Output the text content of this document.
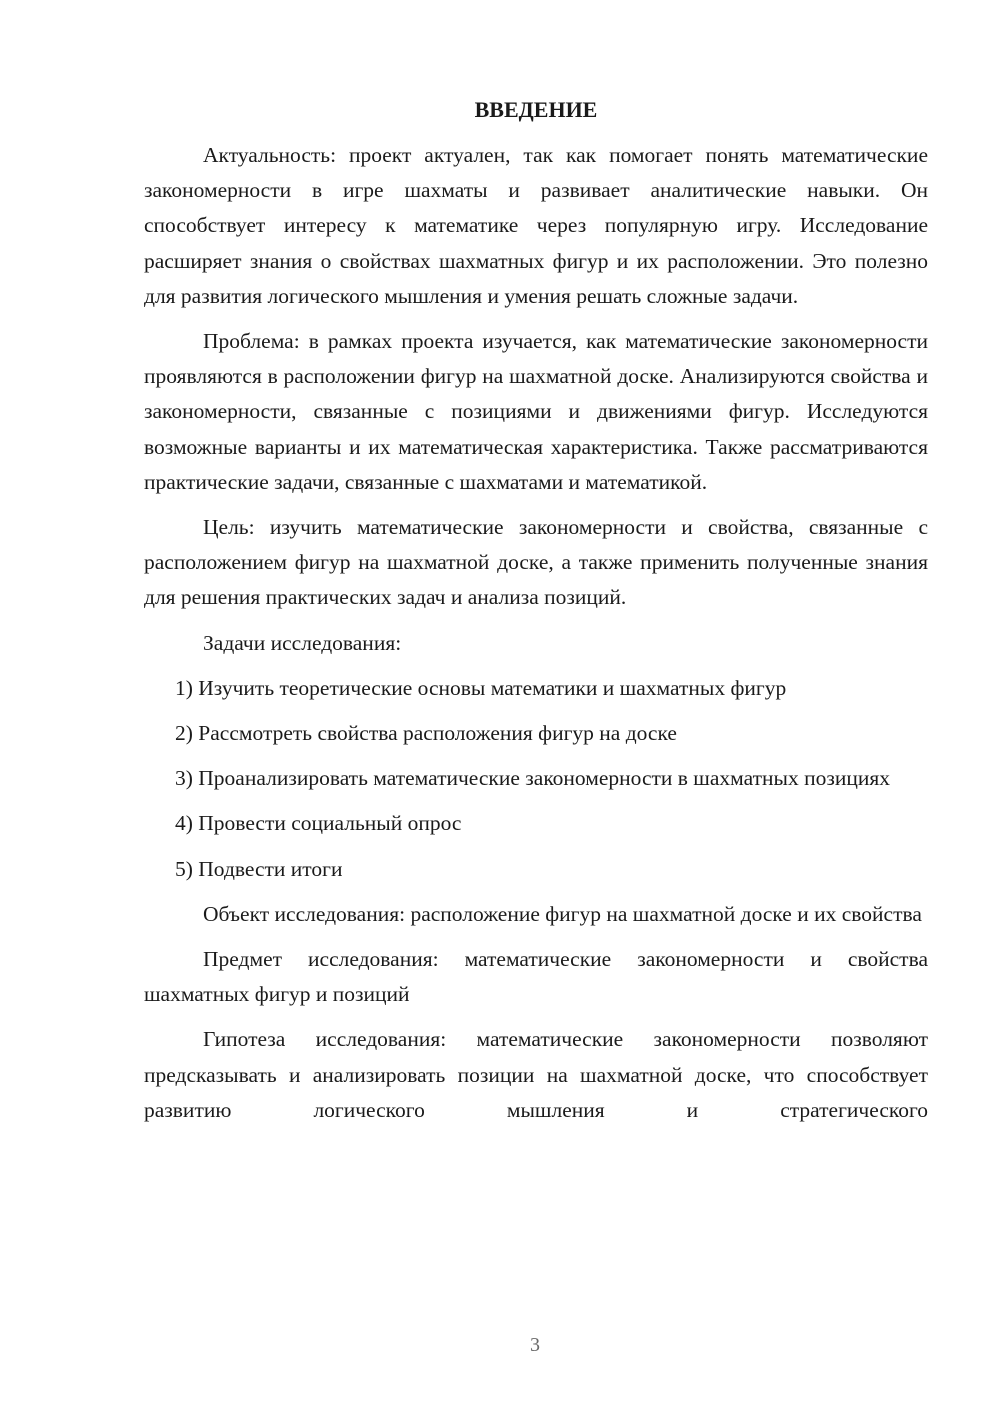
ВВЕДЕНИЕ

Актуальность: проект актуален, так как помогает понять математические закономерности в игре шахматы и развивает аналитические навыки. Он способствует интересу к математике через популярную игру. Исследование расширяет знания о свойствах шахматных фигур и их расположении. Это полезно для развития логического мышления и умения решать сложные задачи.

Проблема: в рамках проекта изучается, как математические закономерности проявляются в расположении фигур на шахматной доске. Анализируются свойства и закономерности, связанные с позициями и движениями фигур. Исследуются возможные варианты и их математическая характеристика. Также рассматриваются практические задачи, связанные с шахматами и математикой.

Цель: изучить математические закономерности и свойства, связанные с расположением фигур на шахматной доске, а также применить полученные знания для решения практических задач и анализа позиций.

Задачи исследования:

1) Изучить теоретические основы математики и шахматных фигур

2) Рассмотреть свойства расположения фигур на доске

3) Проанализировать математические закономерности в шахматных позициях

4) Провести социальный опрос

5) Подвести итоги

Объект исследования: расположение фигур на шахматной доске и их свойства

Предмет исследования: математические закономерности и свойства шахматных фигур и позиций

Гипотеза исследования: математические закономерности позволяют предсказывать и анализировать позиции на шахматной доске, что способствует развитию логического мышления и стратегического

3
